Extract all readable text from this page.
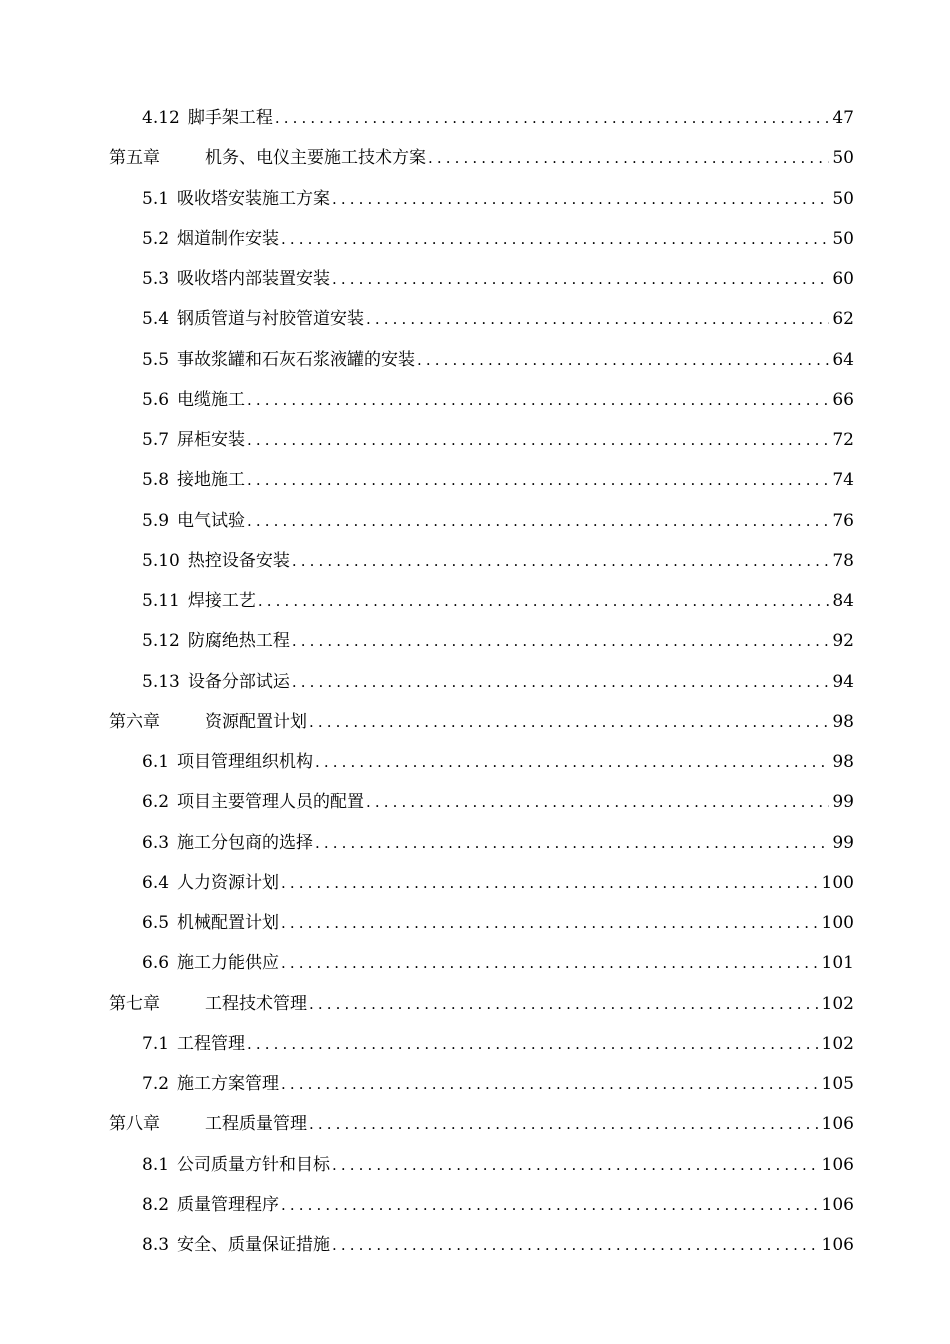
4.12 脚手架工程 .....	47
第五章	机务、电仪主要施工技术方案 .....	50
5.1 吸收塔安装施工方案 .....	50
5.2 烟道制作安装 .....	50
5.3 吸收塔内部装置安装 .....	60
5.4 钢质管道与衬胶管道安装 .....	62
5.5 事故浆罐和石灰石浆液罐的安装 .....	64
5.6 电缆施工 .....	66
5.7 屏柜安装 .....	72
5.8 接地施工 .....	74
5.9 电气试验 .....	76
5.10 热控设备安装 .....	78
5.11 焊接工艺 .....	84
5.12 防腐绝热工程 .....	92
5.13 设备分部试运 .....	94
第六章	资源配置计划 .....	98
6.1 项目管理组织机构 .....	98
6.2 项目主要管理人员的配置 .....	99
6.3 施工分包商的选择 .....	99
6.4 人力资源计划 .....	100
6.5 机械配置计划 .....	100
6.6 施工力能供应 .....	101
第七章	工程技术管理 .....	102
7.1 工程管理 .....	102
7.2 施工方案管理 .....	105
第八章	工程质量管理 .....	106
8.1 公司质量方针和目标 .....	106
8.2 质量管理程序 .....	106
8.3 安全、质量保证措施 .....	106
